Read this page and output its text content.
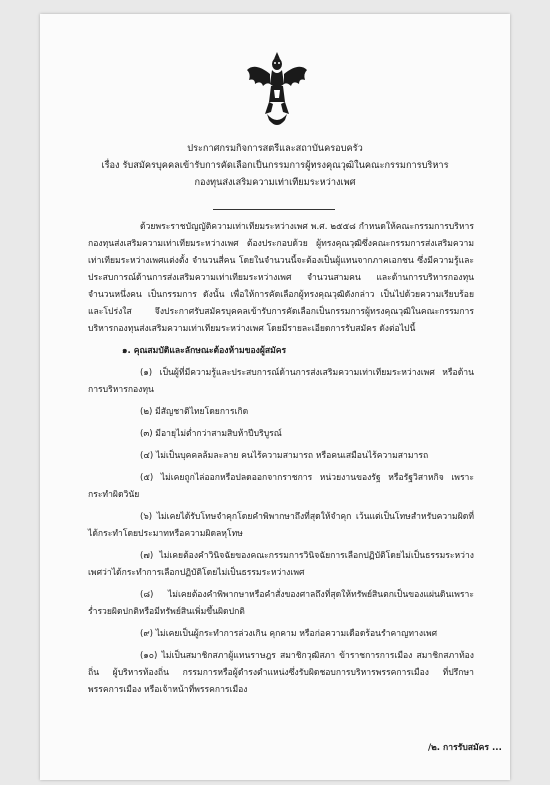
ประกาศกรมกิจการสตรีและสถาบันครอบครัว
เรื่อง รับสมัครบุคคลเข้ารับการคัดเลือกเป็นกรรมการผู้ทรงคุณวุฒิในคณะกรรมการบริหาร
กองทุนส่งเสริมความเท่าเทียมระหว่างเพศ

ด้วยพระราชบัญญัติความเท่าเทียมระหว่างเพศ พ.ศ. ๒๕๕๘ กำหนดให้คณะกรรมการบริหารกองทุนส่งเสริมความเท่าเทียมระหว่างเพศ ต้องประกอบด้วย ผู้ทรงคุณวุฒิซึ่งคณะกรรมการส่งเสริมความเท่าเทียมระหว่างเพศแต่งตั้ง จำนวนสี่คน โดยในจำนวนนี้จะต้องเป็นผู้แทนจากภาคเอกชน ซึ่งมีความรู้และประสบการณ์ด้านการส่งเสริมความเท่าเทียมระหว่างเพศ จำนวนสามคน และด้านการบริหารกองทุน จำนวนหนึ่งคน เป็นกรรมการ ดังนั้น เพื่อให้การคัดเลือกผู้ทรงคุณวุฒิดังกล่าว เป็นไปด้วยความเรียบร้อยและโปร่งใส จึงประกาศรับสมัครบุคคลเข้ารับการคัดเลือกเป็นกรรมการผู้ทรงคุณวุฒิในคณะกรรมการบริหารกองทุนส่งเสริมความเท่าเทียมระหว่างเพศ โดยมีรายละเอียดการรับสมัคร ดังต่อไปนี้

๑. คุณสมบัติและลักษณะต้องห้ามของผู้สมัคร
(๑) เป็นผู้ที่มีความรู้และประสบการณ์ด้านการส่งเสริมความเท่าเทียมระหว่างเพศ หรือด้านการบริหารกองทุน
(๒) มีสัญชาติไทยโดยการเกิด
(๓) มีอายุไม่ต่ำกว่าสามสิบห้าปีบริบูรณ์
(๔) ไม่เป็นบุคคลล้มละลาย คนไร้ความสามารถ หรือคนเสมือนไร้ความสามารถ
(๕) ไม่เคยถูกไล่ออกหรือปลดออกจากราชการ หน่วยงานของรัฐ หรือรัฐวิสาหกิจ เพราะกระทำผิดวินัย
(๖) ไม่เคยได้รับโทษจำคุกโดยคำพิพากษาถึงที่สุดให้จำคุก เว้นแต่เป็นโทษสำหรับความผิดที่ได้กระทำโดยประมาทหรือความผิดลหุโทษ
(๗) ไม่เคยต้องคำวินิจฉัยของคณะกรรมการวินิจฉัยการเลือกปฏิบัติโดยไม่เป็นธรรมระหว่างเพศว่าได้กระทำการเลือกปฏิบัติโดยไม่เป็นธรรมระหว่างเพศ
(๘) ไม่เคยต้องคำพิพากษาหรือคำสั่งของศาลถึงที่สุดให้ทรัพย์สินตกเป็นของแผ่นดินเพราะร่ำรวยผิดปกติหรือมีทรัพย์สินเพิ่มขึ้นผิดปกติ
(๙) ไม่เคยเป็นผู้กระทำการล่วงเกิน คุกคาม หรือก่อความเดือดร้อนรำคาญทางเพศ
(๑๐) ไม่เป็นสมาชิกสภาผู้แทนราษฎร สมาชิกวุฒิสภา ข้าราชการการเมือง สมาชิกสภาท้องถิ่น ผู้บริหารท้องถิ่น กรรมการหรือผู้ดำรงตำแหน่งซึ่งรับผิดชอบการบริหารพรรคการเมือง ที่ปรึกษาพรรคการเมือง หรือเจ้าหน้าที่พรรคการเมือง
/๒. การรับสมัคร ...
